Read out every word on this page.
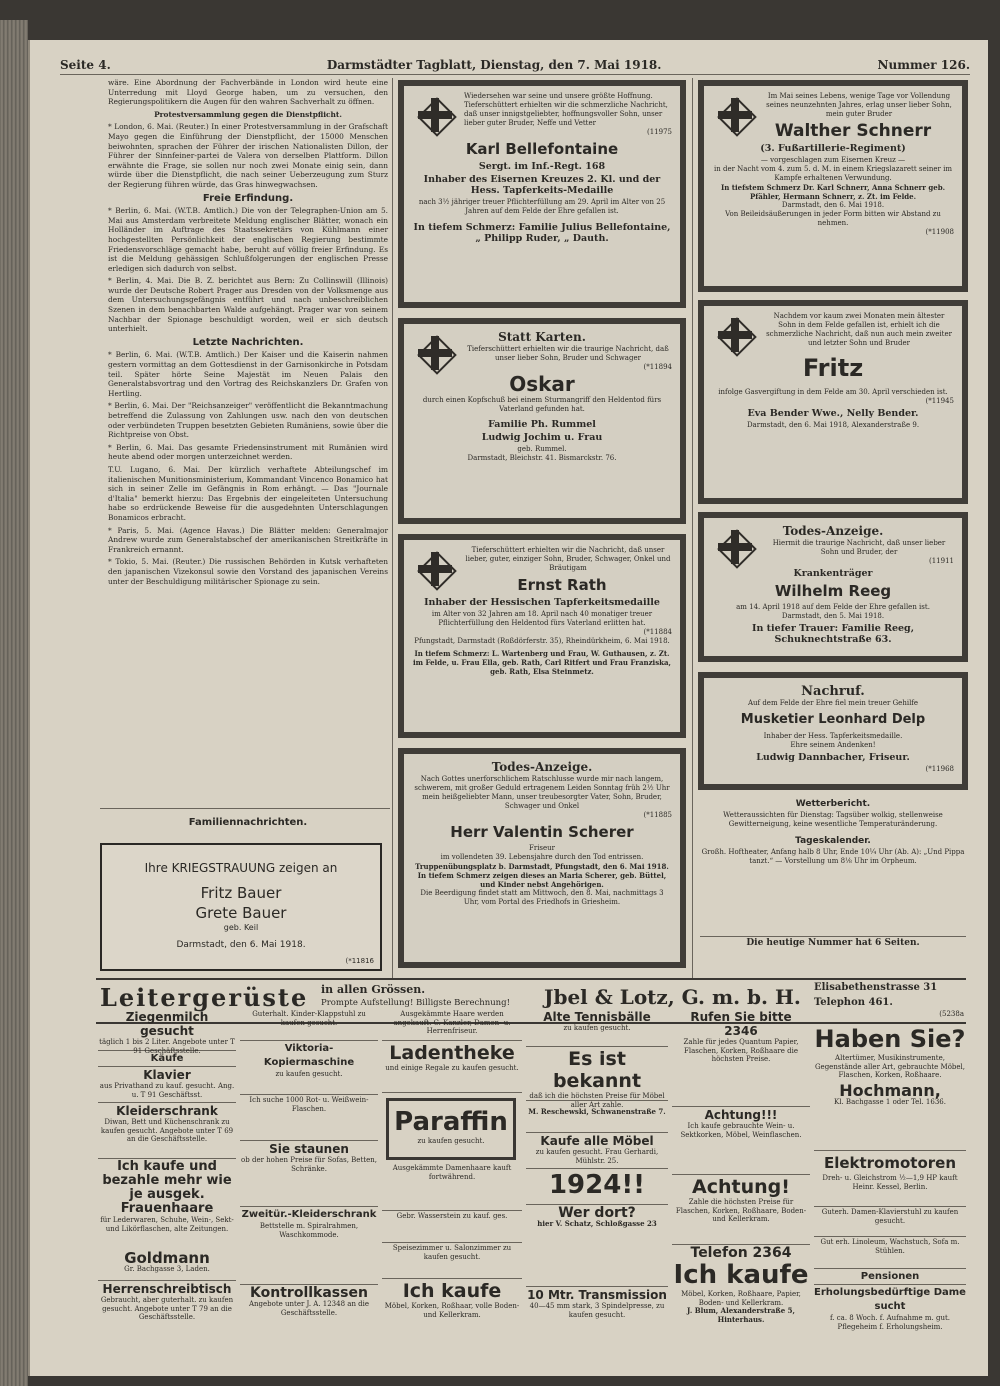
Seite 4.	Darmstädter Tagblatt, Dienstag, den 7. Mai 1918.	Nummer 126.

wäre. Eine Abordnung der Fachverbände in London wird heute eine Unterredung mit Lloyd George haben, um zu versuchen, den Regierungspolitikern die Augen für den wahren Sachverhalt zu öffnen.

Protestversammlung gegen die Dienstpflicht.

* London, 6. Mai. (Reuter.) In einer Protestversammlung in der Grafschaft Mayo gegen die Einführung der Dienstpflicht, der 15000 Menschen beiwohnten, sprachen der Führer der irischen Nationalisten Dillon, der Führer der Sinnfeiner-partei de Valera von derselben Plattform. Dillon erwähnte die Frage, sie sollen nur noch zwei Monate einig sein, dann würde über die Dienstpflicht, die nach seiner Ueberzeugung zum Sturz der Regierung führen würde, das Gras hinwegwachsen.

Freie Erfindung.

* Berlin, 6. Mai. (W.T.B. Amtlich.) Die von der Telegraphen-Union am 5. Mai aus Amsterdam verbreitete Meldung englischer Blätter, wonach ein Holländer im Auftrage des Staatssekretärs von Kühlmann einer hochgestellten Persönlichkeit der englischen Regierung bestimmte Friedensvorschläge gemacht habe, beruht auf völlig freier Erfindung. Es ist die Meldung gehässigen Schlußfolgerungen der englischen Presse erledigen sich dadurch von selbst.

* Berlin, 4. Mai. Die B. Z. berichtet aus Bern: Zu Collinswill (Illinois) wurde der Deutsche Robert Prager aus Dresden von der Volksmenge aus dem Untersuchungsgefängnis entführt und nach unbeschreiblichen Szenen in dem benachbarten Walde aufgehängt. Prager war von seinem Nachbar der Spionage beschuldigt worden, weil er sich deutsch unterhielt.

Letzte Nachrichten.

* Berlin, 6. Mai. (W.T.B. Amtlich.) Der Kaiser und die Kaiserin nahmen gestern vormittag an dem Gottesdienst in der Garnisonkirche in Potsdam teil. Später hörte Seine Majestät im Neuen Palais den Generalstabsvortrag und den Vortrag des Reichskanzlers Dr. Grafen von Hertling.

* Berlin, 6. Mai. Der "Reichsanzeiger" veröffentlicht die Bekanntmachung betreffend die Zulassung von Zahlungen usw. nach den von deutschen oder verbündeten Truppen besetzten Gebieten Rumäniens, sowie über die Richtpreise von Obst.

* Berlin, 6. Mai. Das gesamte Friedensinstrument mit Rumänien wird heute abend oder morgen unterzeichnet werden.

T.U. Lugano, 6. Mai. Der kürzlich verhaftete Abteilungschef im italienischen Munitionsministerium, Kommandant Vincenco Bonamico hat sich in seiner Zelle im Gefängnis in Rom erhängt. — Das "Journale d'Italia" bemerkt hierzu: Das Ergebnis der eingeleiteten Untersuchung habe so erdrückende Beweise für die ausgedehnten Unterschlagungen Bonamicos erbracht.

* Paris, 5. Mai. (Agence Havas.) Die Blätter melden: Generalmajor Andrew wurde zum Generalstabschef der amerikanischen Streitkräfte in Frankreich ernannt.

* Tokio, 5. Mai. (Reuter.) Die russischen Behörden in Kutsk verhafteten den japanischen Vizekonsul sowie den Vorstand des japanischen Vereins unter der Beschuldigung militärischer Spionage zu sein.

Familiennachrichten.
Ihre KRIEGSTRAUUNG zeigen an
Fritz Bauer
Grete Bauer
geb. Keil
Darmstadt, den 6. Mai 1918.
(*11816
Wiedersehen war seine und unsere größte Hoffnung. Tieferschüttert erhielten wir die schmerzliche Nachricht, daß unser innigstgeliebter, hoffnungsvoller Sohn, unser lieber guter Bruder, Neffe und Vetter
(11975
Karl Bellefontaine
Sergt. im Inf.-Regt. 168
Inhaber des Eisernen Kreuzes 2. Kl. und der Hess. Tapferkeits-Medaille
nach 3½ jähriger treuer Pflichterfüllung am 29. April im Alter von 25 Jahren auf dem Felde der Ehre gefallen ist.
In tiefem Schmerz: Familie Julius Bellefontaine, „ Philipp Ruder, „ Dauth.
Statt Karten.
Tieferschüttert erhielten wir die traurige Nachricht, daß unser lieber Sohn, Bruder und Schwager
(*11894
Oskar
durch einen Kopfschuß bei einem Sturmangriff den Heldentod fürs Vaterland gefunden hat.
Familie Ph. Rummel
Ludwig Jochim u. Frau
geb. Rummel.
Darmstadt, Bleichstr. 41. Bismarckstr. 76.
Tieferschüttert erhielten wir die Nachricht, daß unser lieber, guter, einziger Sohn, Bruder, Schwager, Onkel und Bräutigam
Ernst Rath
Inhaber der Hessischen Tapferkeitsmedaille
im Alter von 32 Jahren am 18. April nach 40 monatiger treuer Pflichterfüllung den Heldentod fürs Vaterland erlitten hat.
(*11884
Pfungstadt, Darmstadt (Roßdörferstr. 35), Rheindürkheim, 6. Mai 1918.
In tiefem Schmerz: L. Wartenberg und Frau, W. Guthausen, z. Zt. im Felde, u. Frau Ella, geb. Rath, Carl Ritfert und Frau Franziska, geb. Rath, Elsa Steinmetz.
Todes-Anzeige.
Nach Gottes unerforschlichem Ratschlusse wurde mir nach langem, schwerem, mit großer Geduld ertragenem Leiden Sonntag früh 2½ Uhr mein heißgeliebter Mann, unser treubesorgter Vater, Sohn, Bruder, Schwager und Onkel
(*11885
Herr Valentin Scherer
Friseur
im vollendeten 39. Lebensjahre durch den Tod entrissen.
Truppenübungsplatz b. Darmstadt, Pfungstadt, den 6. Mai 1918.
In tiefem Schmerz zeigen dieses an Maria Scherer, geb. Büttel, und Kinder nebst Angehörigen.
Die Beerdigung findet statt am Mittwoch, den 8. Mai, nachmittags 3 Uhr, vom Portal des Friedhofs in Griesheim.
Im Mai seines Lebens, wenige Tage vor Vollendung seines neunzehnten Jahres, erlag unser lieber Sohn, mein guter Bruder
Walther Schnerr
(3. Fußartillerie-Regiment)
— vorgeschlagen zum Eisernen Kreuz —
in der Nacht vom 4. zum 5. d. M. in einem Kriegslazarett seiner im Kampfe erhaltenen Verwundung.
In tiefstem Schmerz Dr. Karl Schnerr, Anna Schnerr geb. Pfähler, Hermann Schnerr, z. Zt. im Felde.
Darmstadt, den 6. Mai 1918.
Von Beileidsäußerungen in jeder Form bitten wir Abstand zu nehmen.
(*11908
Nachdem vor kaum zwei Monaten mein ältester Sohn in dem Felde gefallen ist, erhielt ich die schmerzliche Nachricht, daß nun auch mein zweiter und letzter Sohn und Bruder
Fritz
infolge Gasvergiftung in dem Felde am 30. April verschieden ist.
(*11945
Eva Bender Wwe., Nelly Bender.
Darmstadt, den 6. Mai 1918, Alexanderstraße 9.
Todes-Anzeige.
Hiermit die traurige Nachricht, daß unser lieber Sohn und Bruder, der
(11911
Krankenträger
Wilhelm Reeg
am 14. April 1918 auf dem Felde der Ehre gefallen ist.
Darmstadt, den 5. Mai 1918.
In tiefer Trauer: Familie Reeg, Schuknechtstraße 63.
Nachruf.
Auf dem Felde der Ehre fiel mein treuer Gehilfe
Musketier Leonhard Delp
Inhaber der Hess. Tapferkeitsmedaille.
Ehre seinem Andenken!
Ludwig Dannbacher, Friseur.
(*11968
Wetterbericht.
Wetteraussichten für Dienstag: Tagsüber wolkig, stellenweise Gewitterneigung, keine wesentliche Temperaturänderung.
Tageskalender.
Großh. Hoftheater, Anfang halb 8 Uhr, Ende 10¼ Uhr (Ab. A): „Und Pippa tanzt.“ — Vorstellung um 8⅛ Uhr im Orpheum.
Die heutige Nummer hat 6 Seiten.
Leitergerüste in allen Grössen.
Prompte Aufstellung! Billigste Berechnung! Jbel & Lotz, G. m. b. H. Elisabethenstrasse 31
Telephon 461.
(5238a
Ziegenmilch gesucht
täglich 1 bis 2 Liter. Angebote unter T 91 Geschäftsstelle.
Käufe
Klavier
aus Privathand zu kauf. gesucht. Ang. u. T 91 Geschäftsst.
Kleiderschrank
Diwan, Bett und Küchenschrank zu kaufen gesucht. Angebote unter T 69 an die Geschäftsstelle.
Ich kaufe und bezahle mehr wie je ausgek. Frauenhaare
für Lederwaren, Schuhe, Wein-, Sekt- und Likörflaschen, alte Zeitungen.
Goldmann
Gr. Bachgasse 3, Laden.
Herrenschreibtisch
Gebraucht, aber guterhalt. zu kaufen gesucht. Angebote unter T 79 an die Geschäftsstelle.
Guterhalt. Kinder-Klappstuhl zu kaufen gesucht.
Viktoria-Kopiermaschine
zu kaufen gesucht.
Ich suche 1000 Rot- u. Weißwein-Flaschen.
Sie staunen
ob der hohen Preise für Sofas, Betten, Schränke.
Zweitür.-Kleiderschrank
Bettstelle m. Spiralrahmen, Waschkommode.
Kontrollkassen
Angebote unter J. A. 12348 an die Geschäftsstelle.
Ausgekämmte Haare werden angekauft. C. Kanzler, Damen- u. Herrenfriseur.
Ladentheke
und einige Regale zu kaufen gesucht.
Paraffin
zu kaufen gesucht.
Ausgekämmte Damenhaare kauft fortwährend.
Gebr. Wasserstein zu kauf. ges.
Speisezimmer u. Salonzimmer zu kaufen gesucht.
Ich kaufe
Möbel, Korken, Roßhaar, volle Boden- und Kellerkram.
Alte Tennisbälle
zu kaufen gesucht.
Es ist bekannt
daß ich die höchsten Preise für Möbel aller Art zahle.
M. Reschewski, Schwanenstraße 7.
Kaufe alle Möbel
zu kaufen gesucht. Frau Gerhardi, Mühlstr. 25.
1924!!
Wer dort?
hier V. Schatz, Schloßgasse 23
10 Mtr. Transmission
40—45 mm stark, 3 Spindelpresse, zu kaufen gesucht.
Rufen Sie bitte
2346
Zahle für jedes Quantum Papier, Flaschen, Korken, Roßhaare die höchsten Preise.
Achtung!!!
Ich kaufe gebrauchte Wein- u. Sektkorken, Möbel, Weinflaschen.
Achtung!
Zahle die höchsten Preise für Flaschen, Korken, Roßhaare, Boden- und Kellerkram.
Telefon 2364
Ich kaufe
Möbel, Korken, Roßhaare, Papier, Boden- und Kellerkram.
J. Blum, Alexanderstraße 5, Hinterhaus.
Haben Sie?
Altertümer, Musikinstrumente, Gegenstände aller Art, gebrauchte Möbel, Flaschen, Korken, Roßhaare.
Hochmann,
Kl. Bachgasse 1 oder Tel. 1636.
Elektromotoren
Dreh- u. Gleichstrom ½—1,9 HP kauft Heinr. Kessel, Berlin.
Guterh. Damen-Klavierstuhl zu kaufen gesucht.
Gut erh. Linoleum, Wachstuch, Sofa m. Stühlen.
Pensionen
Erholungsbedürftige Dame sucht
f. ca. 8 Woch. f. Aufnahme m. gut. Pflegeheim f. Erholungsheim.
